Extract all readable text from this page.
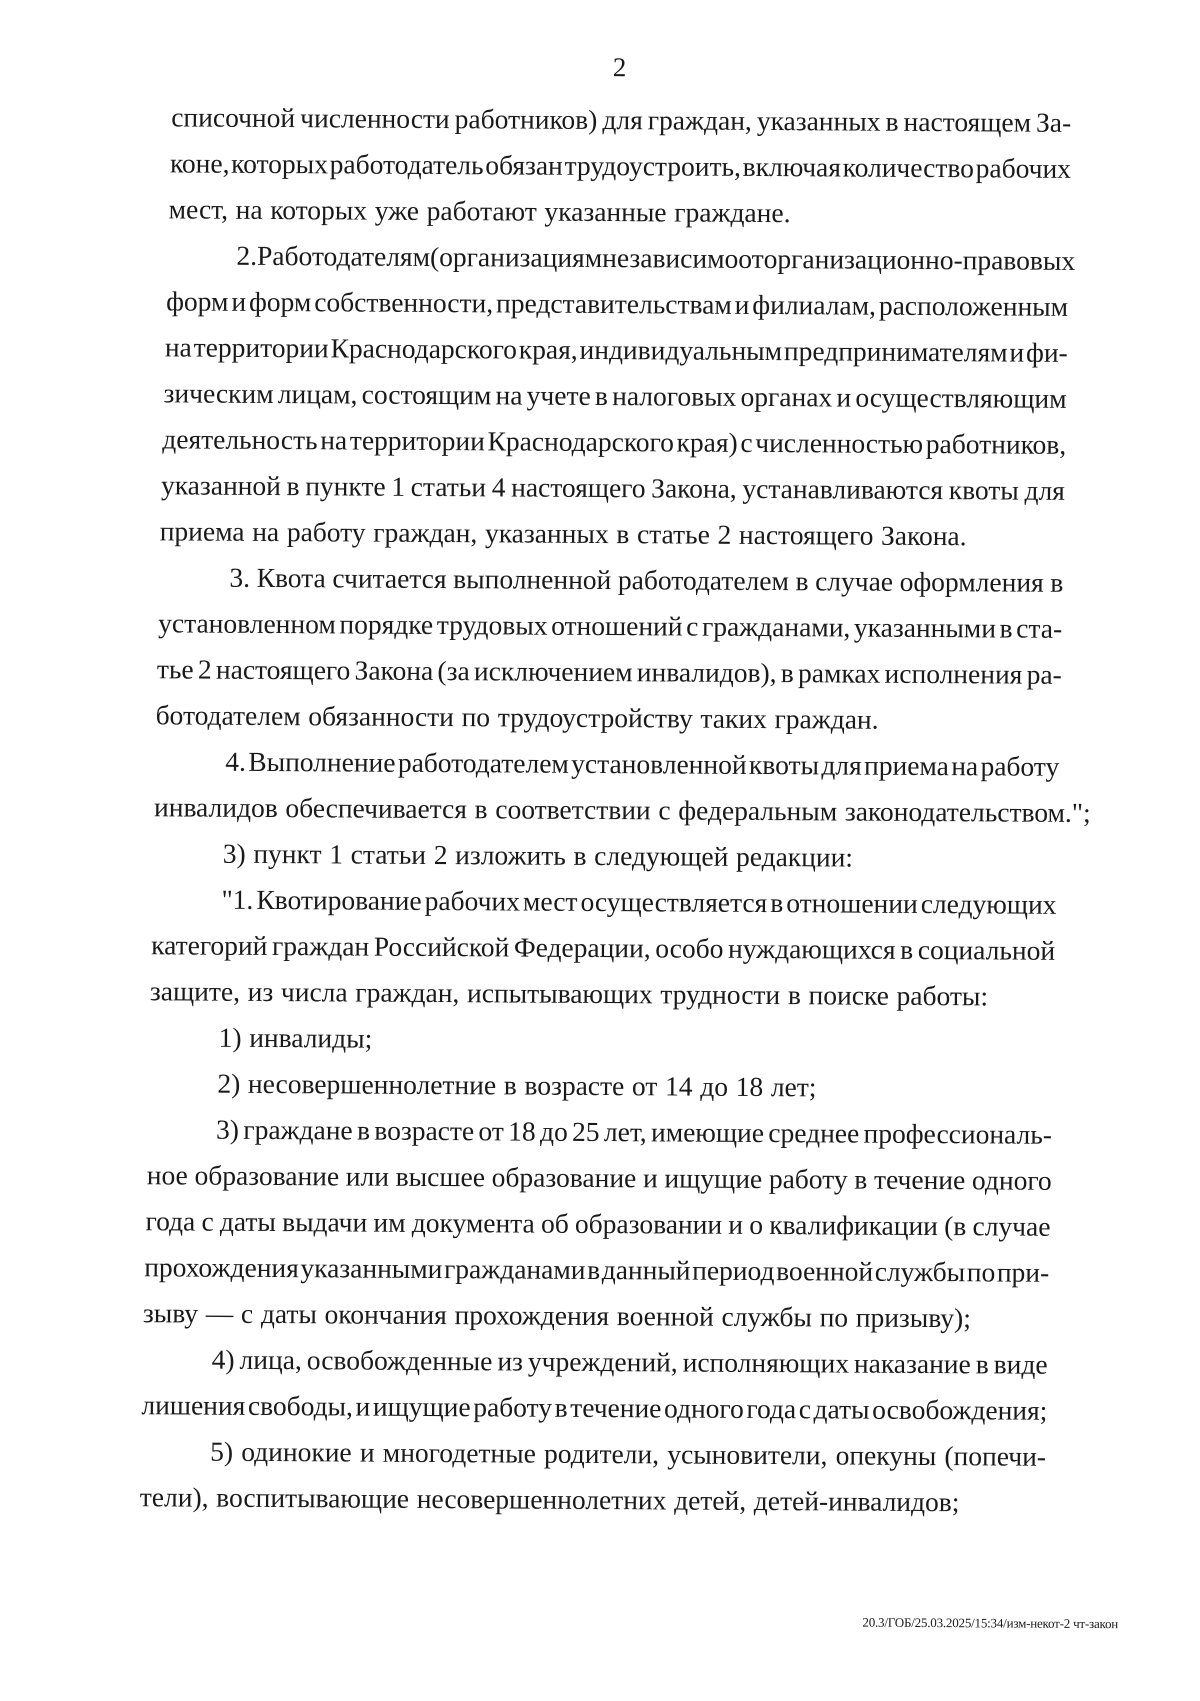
2
списочной численности работников) для граждан, указанных в настоящем За-
коне, которых работодатель обязан трудоустроить, включая количество рабочих
мест, на которых уже работают указанные граждане.
2. Работодателям (организациям независимо от организационно-правовых
форм и форм собственности, представительствам и филиалам, расположенным
на территории Краснодарского края, индивидуальным предпринимателям и фи-
зическим лицам, состоящим на учете в налоговых органах и осуществляющим
деятельность на территории Краснодарского края) с численностью работников,
указанной в пункте 1 статьи 4 настоящего Закона, устанавливаются квоты для
приема на работу граждан, указанных в статье 2 настоящего Закона.
3. Квота считается выполненной работодателем в случае оформления в
установленном порядке трудовых отношений с гражданами, указанными в ста-
тье 2 настоящего Закона (за исключением инвалидов), в рамках исполнения ра-
ботодателем обязанности по трудоустройству таких граждан.
4. Выполнение работодателем установленной квоты для приема на работу
инвалидов обеспечивается в соответствии с федеральным законодательством.";
3) пункт 1 статьи 2 изложить в следующей редакции:
"1. Квотирование рабочих мест осуществляется в отношении следующих
категорий граждан Российской Федерации, особо нуждающихся в социальной
защите, из числа граждан, испытывающих трудности в поиске работы:
1) инвалиды;
2) несовершеннолетние в возрасте от 14 до 18 лет;
3) граждане в возрасте от 18 до 25 лет, имеющие среднее профессиональ-
ное образование или высшее образование и ищущие работу в течение одного
года с даты выдачи им документа об образовании и о квалификации (в случае
прохождения указанными гражданами в данный период военной службы по при-
зыву — с даты окончания прохождения военной службы по призыву);
4) лица, освобожденные из учреждений, исполняющих наказание в виде
лишения свободы, и ищущие работу в течение одного года с даты освобождения;
5) одинокие и многодетные родители, усыновители, опекуны (попечи-
тели), воспитывающие несовершеннолетних детей, детей-инвалидов;
20.3/ГОБ/25.03.2025/15:34/изм-некот-2 чт-закон
